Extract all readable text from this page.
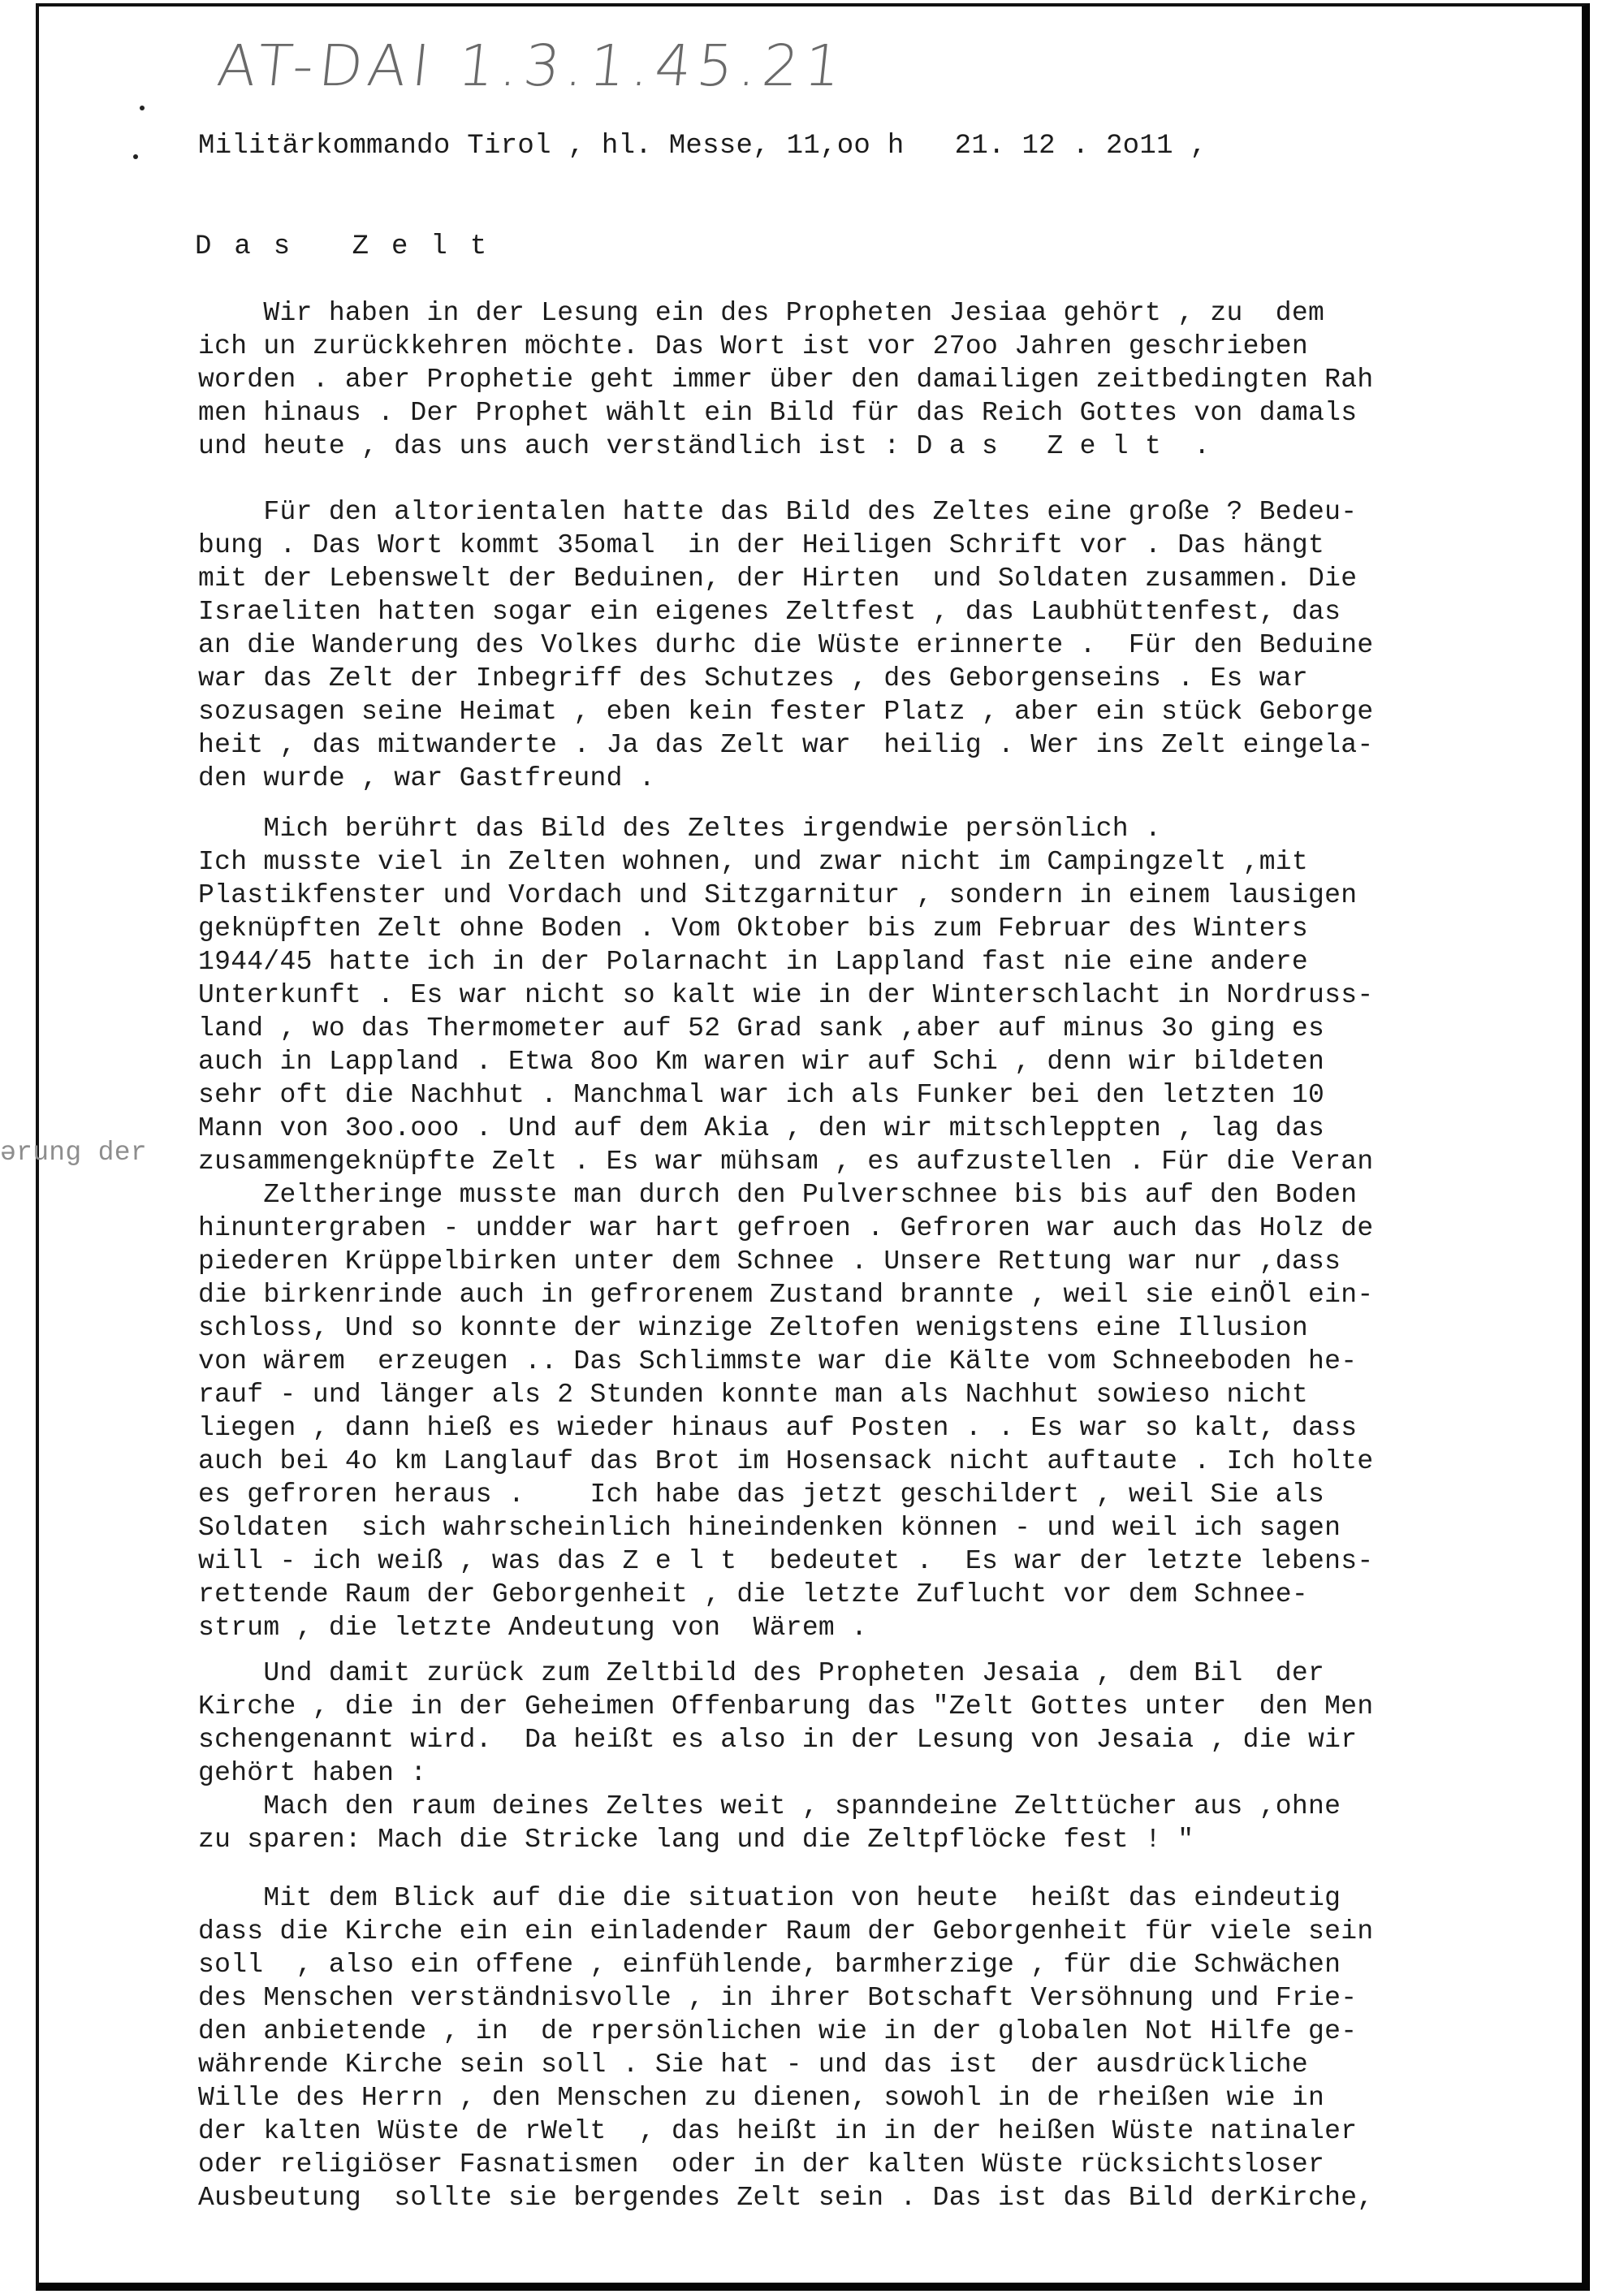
AT-DAI 1.3.1.45.21
Militärkommando Tirol , hl. Messe, 11,oo h   21. 12 . 2o11 ,
Das Zelt
ərung der
Wir haben in der Lesung ein des Propheten Jesiaa gehört , zu  dem
ich un zurückkehren möchte. Das Wort ist vor 27oo Jahren geschrieben
worden . aber Prophetie geht immer über den damailigen zeitbedingten Rah
men hinaus . Der Prophet wählt ein Bild für das Reich Gottes von damals
und heute , das uns auch verständlich ist : D a s   Z e l t  .
Für den altorientalen hatte das Bild des Zeltes eine große ? Bedeu-
bung . Das Wort kommt 35omal  in der Heiligen Schrift vor . Das hängt
mit der Lebenswelt der Beduinen, der Hirten  und Soldaten zusammen. Die
Israeliten hatten sogar ein eigenes Zeltfest , das Laubhüttenfest, das
an die Wanderung des Volkes durhc die Wüste erinnerte .  Für den Beduine
war das Zelt der Inbegriff des Schutzes , des Geborgenseins . Es war
sozusagen seine Heimat , eben kein fester Platz , aber ein stück Geborge
heit , das mitwanderte . Ja das Zelt war  heilig . Wer ins Zelt eingela-
den wurde , war Gastfreund .
Mich berührt das Bild des Zeltes irgendwie persönlich .
Ich musste viel in Zelten wohnen, und zwar nicht im Campingzelt ,mit
Plastikfenster und Vordach und Sitzgarnitur , sondern in einem lausigen
geknüpften Zelt ohne Boden . Vom Oktober bis zum Februar des Winters
1944/45 hatte ich in der Polarnacht in Lappland fast nie eine andere
Unterkunft . Es war nicht so kalt wie in der Winterschlacht in Nordruss-
land , wo das Thermometer auf 52 Grad sank ,aber auf minus 3o ging es
auch in Lappland . Etwa 8oo Km waren wir auf Schi , denn wir bildeten
sehr oft die Nachhut . Manchmal war ich als Funker bei den letzten 10
Mann von 3oo.ooo . Und auf dem Akia , den wir mitschleppten , lag das
zusammengeknüpfte Zelt . Es war mühsam , es aufzustellen . Für die Veran
Zeltheringe musste man durch den Pulverschnee bis bis auf den Boden
hinuntergraben - undder war hart gefroen . Gefroren war auch das Holz de
piederen Krüppelbirken unter dem Schnee . Unsere Rettung war nur ,dass
die birkenrinde auch in gefrorenem Zustand brannte , weil sie einÖl ein-
schloss, Und so konnte der winzige Zeltofen wenigstens eine Illusion
von wärem  erzeugen .. Das Schlimmste war die Kälte vom Schneeboden he-
rauf - und länger als 2 Stunden konnte man als Nachhut sowieso nicht
liegen , dann hieß es wieder hinaus auf Posten . . Es war so kalt, dass
auch bei 4o km Langlauf das Brot im Hosensack nicht auftaute . Ich holte
es gefroren heraus .    Ich habe das jetzt geschildert , weil Sie als
Soldaten  sich wahrscheinlich hineindenken können - und weil ich sagen
will - ich weiß , was das Z e l t  bedeutet .  Es war der letzte lebens-
rettende Raum der Geborgenheit , die letzte Zuflucht vor dem Schnee-
strum , die letzte Andeutung von  Wärem .
Und damit zurück zum Zeltbild des Propheten Jesaia , dem Bil  der
Kirche , die in der Geheimen Offenbarung das "Zelt Gottes unter  den Men
schengenannt wird.  Da heißt es also in der Lesung von Jesaia , die wir
gehört haben :
Mach den raum deines Zeltes weit , spanndeine Zelttücher aus ,ohne
zu sparen: Mach die Stricke lang und die Zeltpflöcke fest ! "
Mit dem Blick auf die die situation von heute  heißt das eindeutig
dass die Kirche ein ein einladender Raum der Geborgenheit für viele sein
soll  , also ein offene , einfühlende, barmherzige , für die Schwächen
des Menschen verständnisvolle , in ihrer Botschaft Versöhnung und Frie-
den anbietende , in  de rpersönlichen wie in der globalen Not Hilfe ge-
währende Kirche sein soll . Sie hat - und das ist  der ausdrückliche
Wille des Herrn , den Menschen zu dienen, sowohl in de rheißen wie in
der kalten Wüste de rWelt  , das heißt in in der heißen Wüste natinaler
oder religiöser Fasnatismen  oder in der kalten Wüste rücksichtsloser
Ausbeutung  sollte sie bergendes Zelt sein . Das ist das Bild derKirche,
